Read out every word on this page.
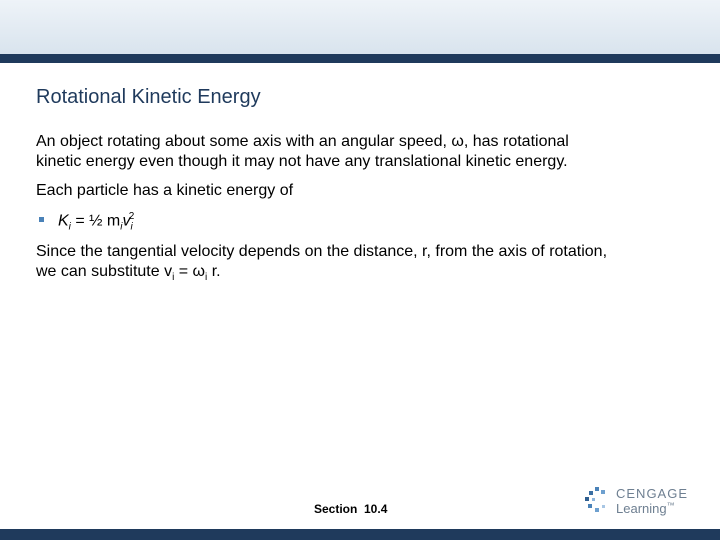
Rotational Kinetic Energy
An object rotating about some axis with an angular speed, ω, has rotational
kinetic energy even though it may not have any translational kinetic energy.
Each particle has a kinetic energy of
$K_i$ = ½ $m_iv_i^2$
Since the tangential velocity depends on the distance, r, from the axis of rotation,
we can substitute $v_i = \omega_i$ r.
Section  10.4
CENGAGE
Learning™
